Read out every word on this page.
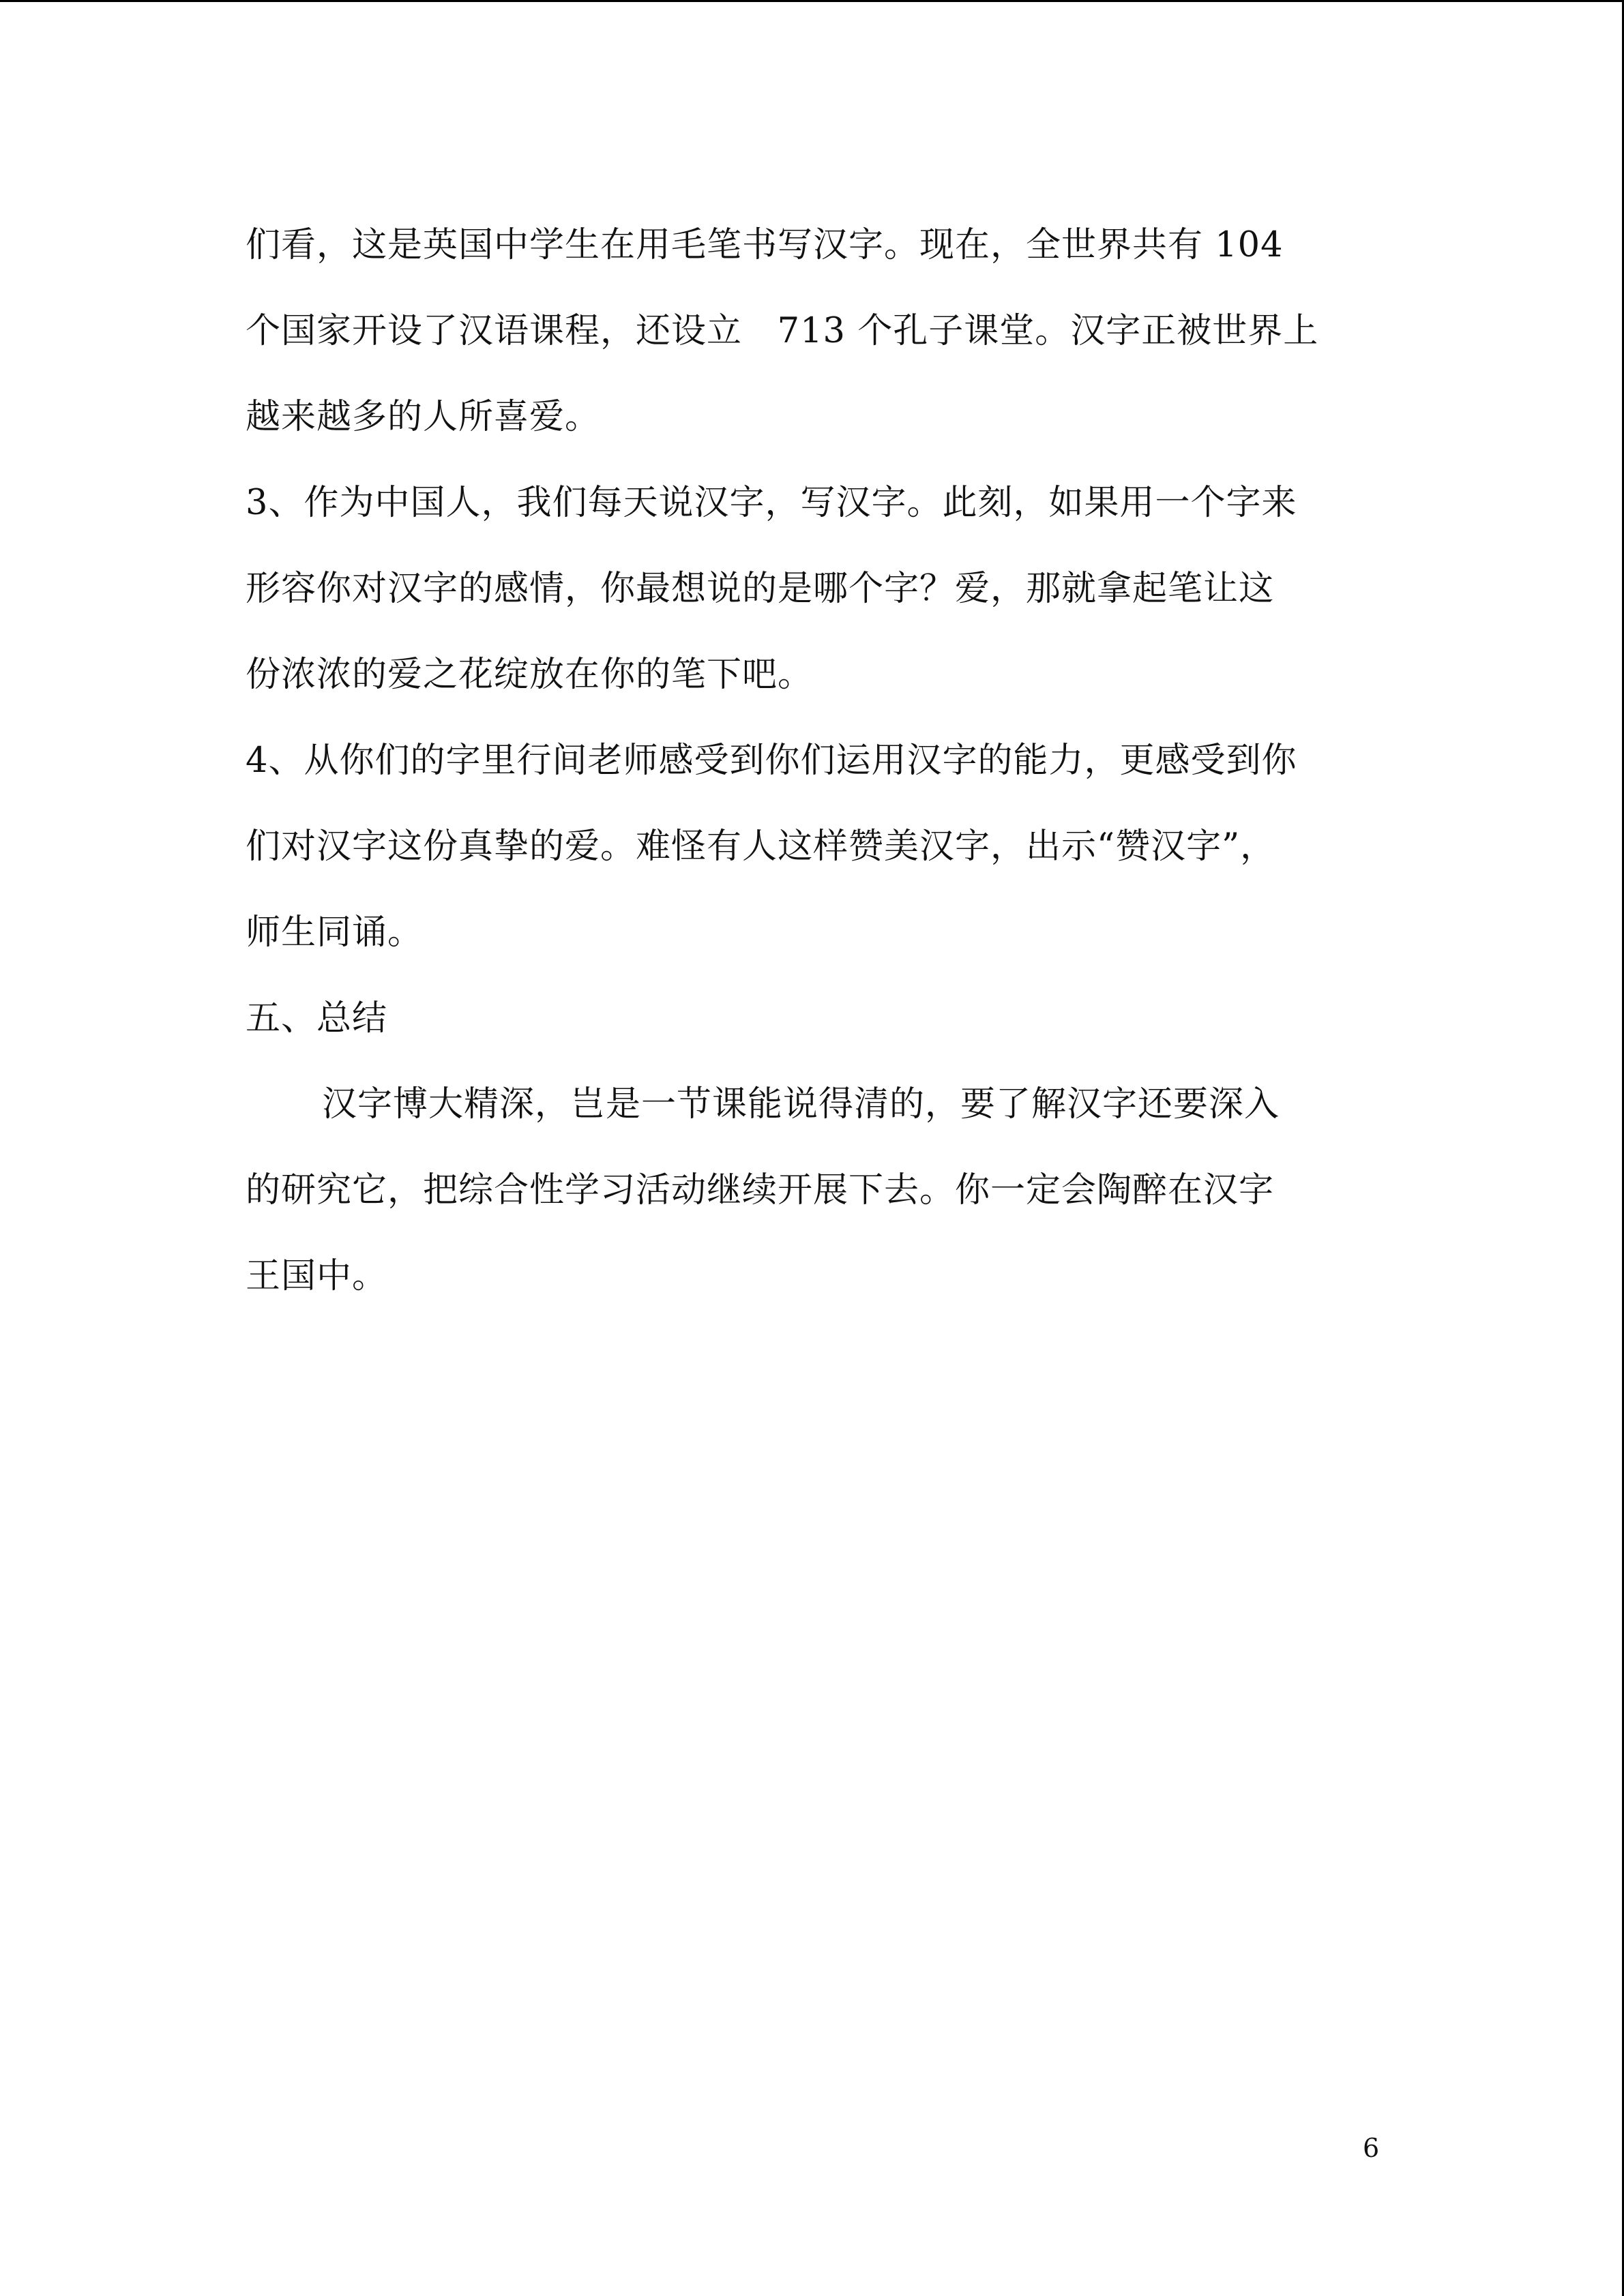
们看，这是英国中学生在用毛笔书写汉字。现在，全世界共有 104
个国家开设了汉语课程，还设立   713 个孔子课堂。汉字正被世界上
越来越多的人所喜爱。
3、作为中国人，我们每天说汉字，写汉字。此刻，如果用一个字来
形容你对汉字的感情，你最想说的是哪个字？爱，那就拿起笔让这
份浓浓的爱之花绽放在你的笔下吧。
4、从你们的字里行间老师感受到你们运用汉字的能力，更感受到你
们对汉字这份真挚的爱。难怪有人这样赞美汉字，出示“赞汉字”，
师生同诵。
五、总结
汉字博大精深，岂是一节课能说得清的，要了解汉字还要深入
的研究它，把综合性学习活动继续开展下去。你一定会陶醉在汉字
王国中。
6
